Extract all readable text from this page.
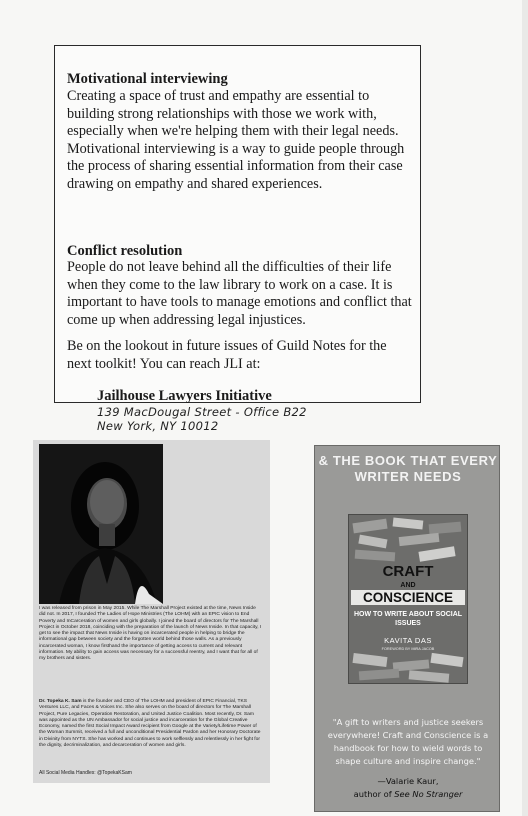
Motivational interviewing

Creating a space of trust and empathy are essential to building strong relationships with those we work with, especially when we're helping them with their legal needs. Motivational interviewing is a way to guide people through the process of sharing essential information from their case drawing on empathy and shared experiences.

Conflict resolution

People do not leave behind all the difficulties of their life when they come to the law library to work on a case. It is important to have tools to manage emotions and conflict that come up when addressing legal injustices.

Be on the lookout in future issues of Guild Notes for the next toolkit! You can reach JLI at:

Jailhouse Lawyers Initiative
139 MacDougal Street - Office B22
New York, NY 10012

I was released from prison in May 2015. While The Marshall Project existed at the time, News Inside did not. In 2017, I founded The Ladies of Hope Ministries (The LOHM) with an EPIC vision to End Poverty and InCarceration of women and girls globally. I joined the board of directors for The Marshall Project in October 2018, coinciding with the preparation of the launch of News Inside. In that capacity, I get to see the impact that News Inside is having on incarcerated people in helping to bridge the informational gap between society and the forgotten world behind those walls. As a previously incarcerated woman, I know firsthand the importance of getting access to current and relevant information. My ability to gain access was necessary for a successful reentry, and I want that for all of my brothers and sisters.

Dr. Topeka K. Sam is the founder and CEO of The LOHM and president of EPIC Financial, TKS Ventures LLC, and Faces & Voices Inc. She also serves on the board of directors for The Marshall Project, Pure Legacies, Operation Restoration, and United Justice Coalition. Most recently, Dr. Sam was appointed as the UN Ambassador for social justice and incarceration for the Global Creative Economy, named the first Social Impact Award recipient from Google at the Variety/Lifetime Power of the Woman Summit, received a full and unconditional Presidential Pardon and her Honorary Doctorate in Divinity from NYTS. She has worked and continues to work selflessly and relentlessly in her fight for the dignity, decriminalization, and decarceration of women and girls.

All Social Media Handles: @TopekaKSam

& THE BOOK THAT EVERY WRITER NEEDS
CRAFT
AND
CONSCIENCE
HOW TO WRITE ABOUT SOCIAL ISSUES
KAVITA DAS
FOREWORD BY MIRA JACOB

"A gift to writers and justice seekers everywhere! Craft and Conscience is a handbook for how to wield words to shape culture and inspire change."

—Valarie Kaur,
author of See No Stranger
